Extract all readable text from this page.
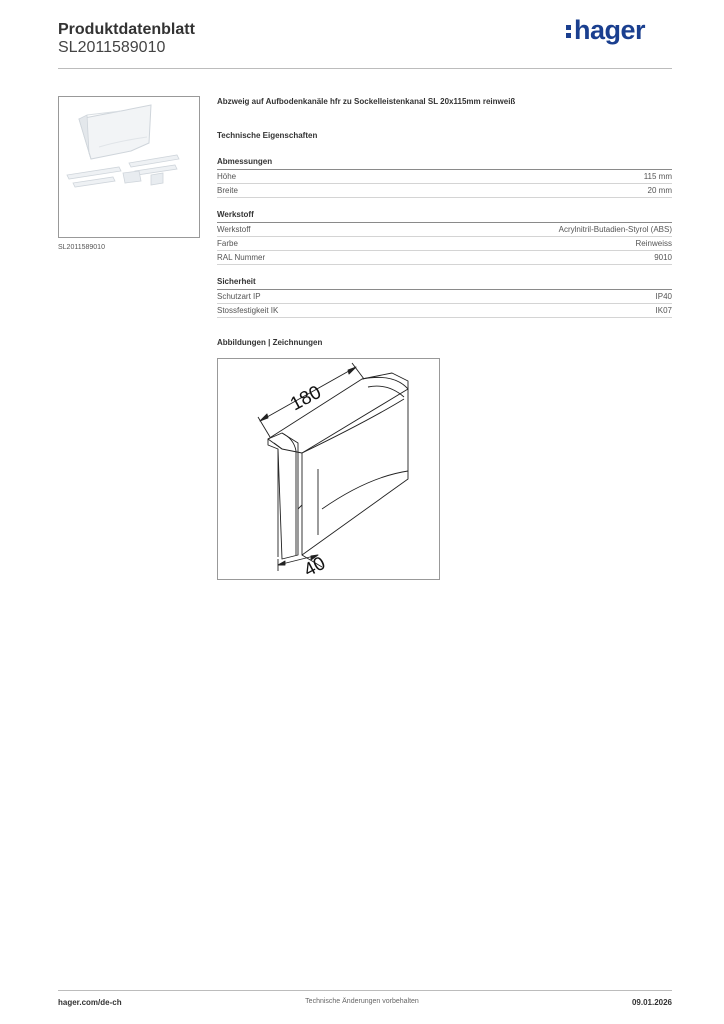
Produktdatenblatt
SL2011589010
hager
SL2011589010
Abzweig auf Aufbodenkanäle hfr zu Sockelleistenkanal SL 20x115mm reinweiß
Technische Eigenschaften
Abmessungen
Höhe	115 mm
Breite	20 mm
Werkstoff
Werkstoff	Acrylnitril-Butadien-Styrol (ABS)
Farbe	Reinweiss
RAL Nummer	9010
Sicherheit
Schutzart IP	IP40
Stossfestigkeit IK	IK07
Abbildungen | Zeichnungen
180
40
hager.com/de-ch	Technische Änderungen vorbehalten	09.01.2026
